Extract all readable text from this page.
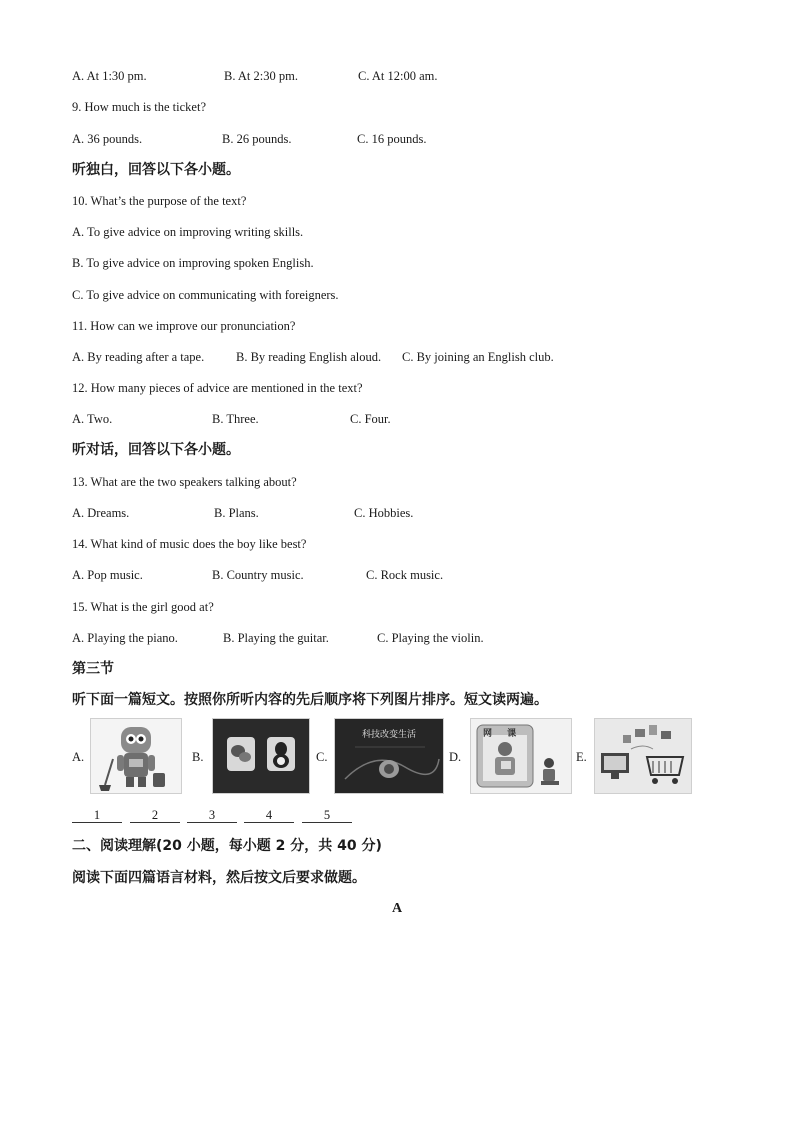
A. At 1:30 pm.	B. At 2:30 pm.	C. At 12:00 am.
9. How much is the ticket?
A. 36 pounds.	B. 26 pounds.	C. 16 pounds.
听独白，回答以下各小题。
10. What’s the purpose of the text?
A. To give advice on improving writing skills.
B. To give advice on improving spoken English.
C. To give advice on communicating with foreigners.
11. How can we improve our pronunciation?
A. By reading after a tape.	B. By reading English aloud. C. By joining an English club.
12. How many pieces of advice are mentioned in the text?
A. Two.	B. Three.	C. Four.
听对话，回答以下各小题。
13. What are the two speakers talking about?
A. Dreams.	B. Plans.	C. Hobbies.
14. What kind of music does the boy like best?
A. Pop music.	B. Country music.	C. Rock music.
15. What is the girl good at?
A. Playing the piano.	B. Playing the guitar.	C. Playing the violin.
第三节
听下面一篇短文。按照你所听内容的先后顺序将下列图片排序。短文读两遍。
A.	B.	C.
科技改变生活
D.
网 课
E.
1	2	3	4	5
二、阅读理解(20 小题，每小题 2 分，共 40 分)
阅读下面四篇语言材料，然后按文后要求做题。
A
